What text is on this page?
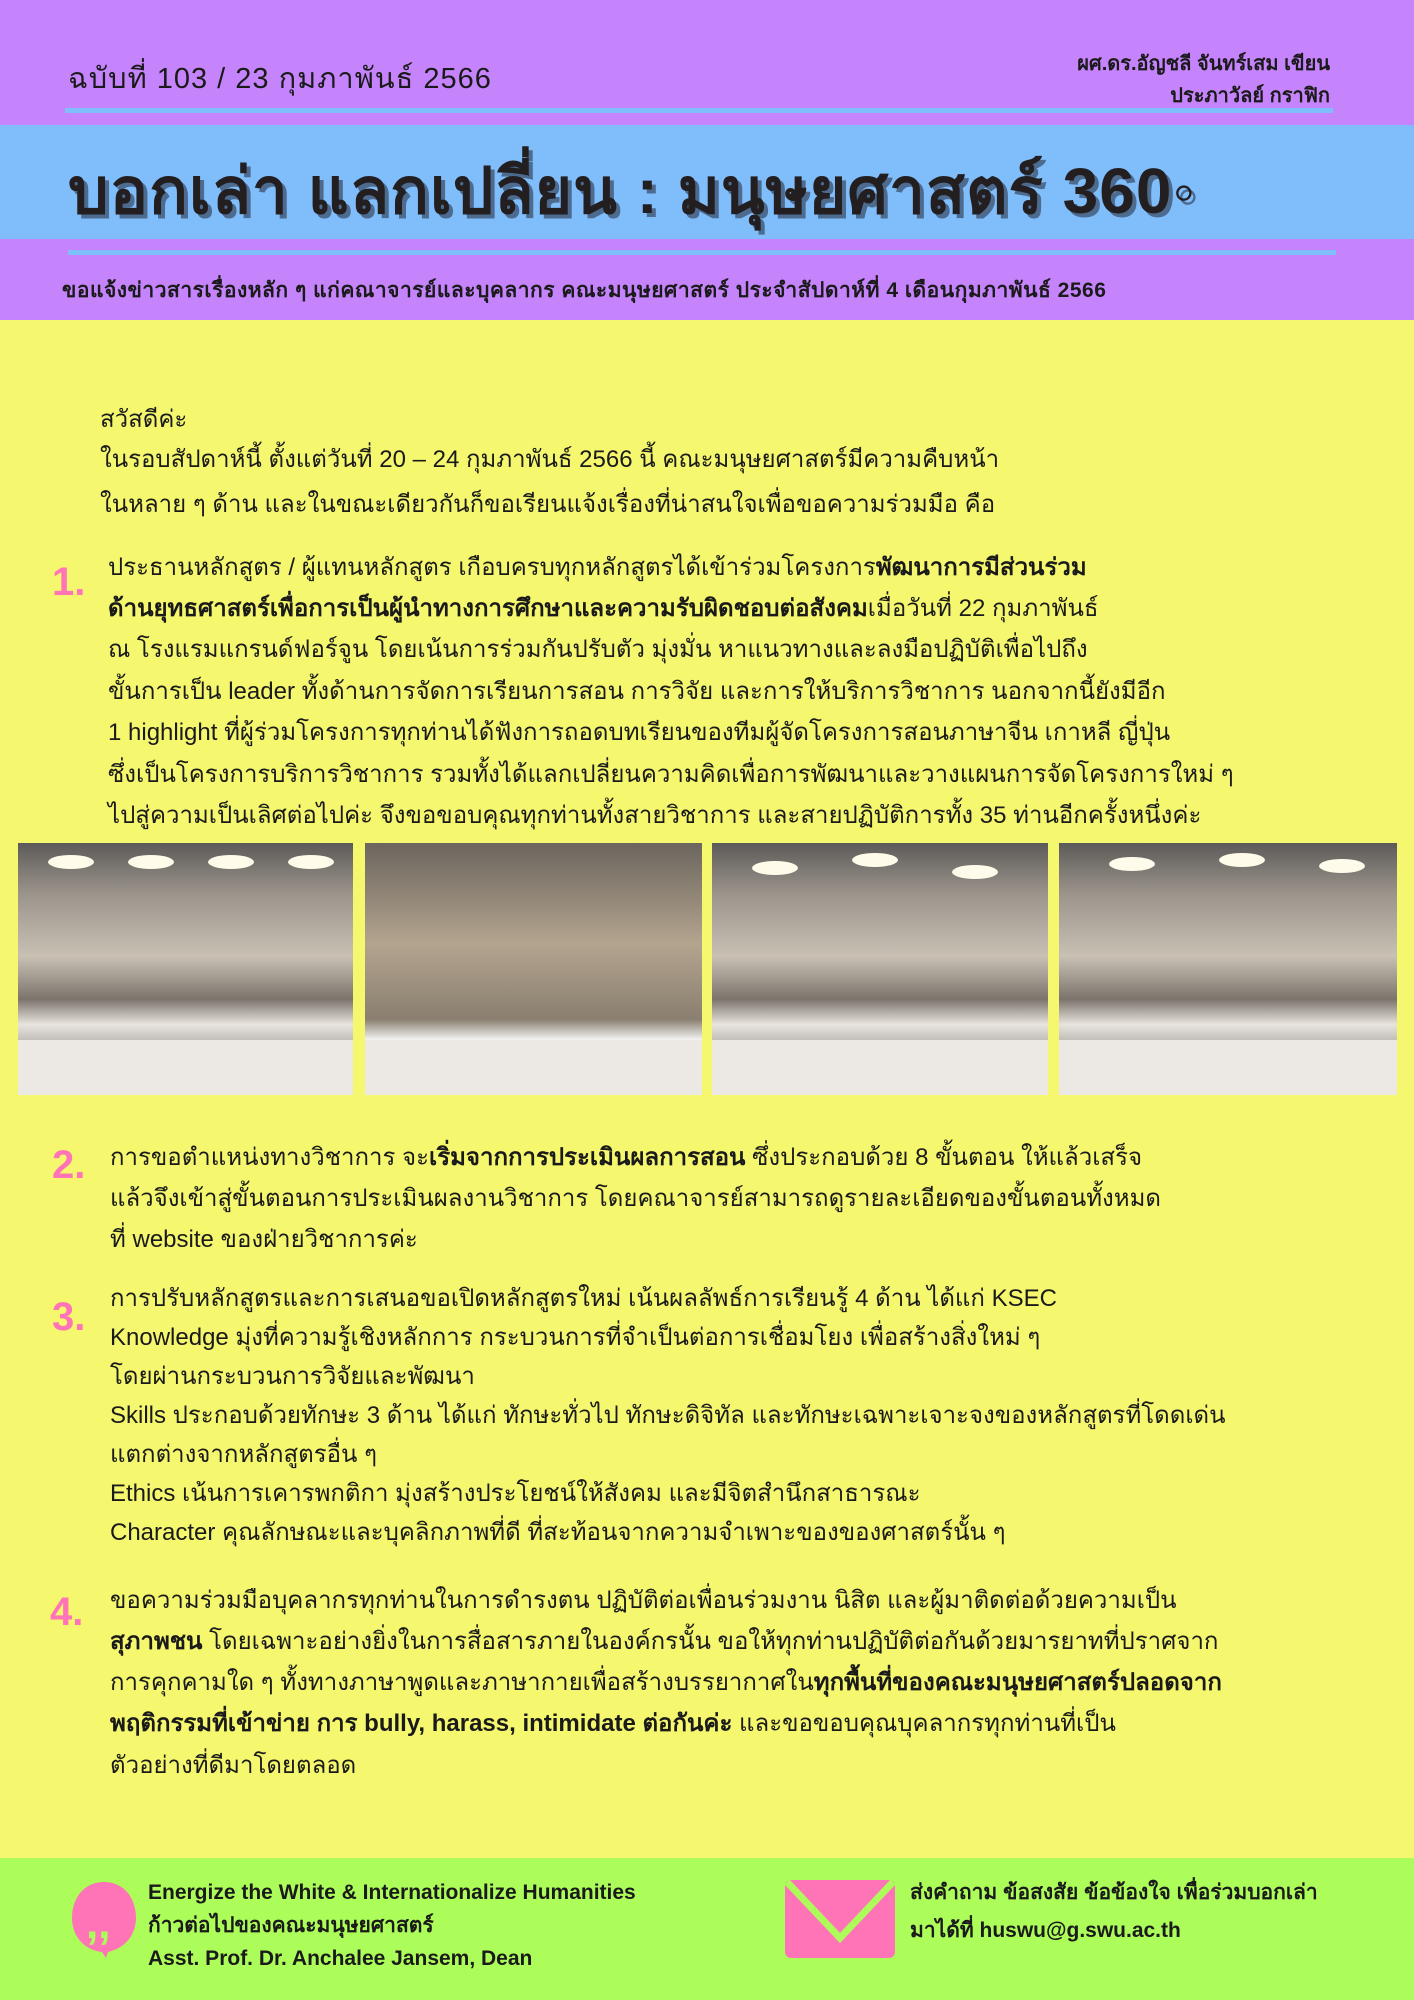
ฉบับที่ 103 / 23 กุมภาพันธ์ 2566	ผศ.ดร.อัญชลี จันทร์เสม เขียน
ประภาวัลย์ กราฟิก
บอกเล่า แลกเปลี่ยน : มนุษยศาสตร์ 360◦
ขอแจ้งข่าวสารเรื่องหลัก ๆ แก่คณาจารย์และบุคลากร คณะมนุษยศาสตร์ ประจำสัปดาห์ที่ 4 เดือนกุมภาพันธ์ 2566
สวัสดีค่ะ
ในรอบสัปดาห์นี้ ตั้งแต่วันที่ 20 – 24 กุมภาพันธ์ 2566 นี้ คณะมนุษยศาสตร์มีความคืบหน้า
ในหลาย ๆ ด้าน และในขณะเดียวกันก็ขอเรียนแจ้งเรื่องที่น่าสนใจเพื่อขอความร่วมมือ คือ
1. ประธานหลักสูตร / ผู้แทนหลักสูตร เกือบครบทุกหลักสูตรได้เข้าร่วมโครงการพัฒนาการมีส่วนร่วม
ด้านยุทธศาสตร์เพื่อการเป็นผู้นำทางการศึกษาและความรับผิดชอบต่อสังคมเมื่อวันที่ 22 กุมภาพันธ์
ณ โรงแรมแกรนด์ฟอร์จูน โดยเน้นการร่วมกันปรับตัว มุ่งมั่น หาแนวทางและลงมือปฏิบัติเพื่อไปถึง
ขั้นการเป็น leader ทั้งด้านการจัดการเรียนการสอน การวิจัย และการให้บริการวิชาการ นอกจากนี้ยังมีอีก
1 highlight ที่ผู้ร่วมโครงการทุกท่านได้ฟังการถอดบทเรียนของทีมผู้จัดโครงการสอนภาษาจีน เกาหลี ญี่ปุ่น
ซึ่งเป็นโครงการบริการวิชาการ รวมทั้งได้แลกเปลี่ยนความคิดเพื่อการพัฒนาและวางแผนการจัดโครงการใหม่ ๆ
ไปสู่ความเป็นเลิศต่อไปค่ะ จึงขอขอบคุณทุกท่านทั้งสายวิชาการ และสายปฏิบัติการทั้ง 35 ท่านอีกครั้งหนึ่งค่ะ
2. การขอตำแหน่งทางวิชาการ จะเริ่มจากการประเมินผลการสอน ซึ่งประกอบด้วย 8 ขั้นตอน ให้แล้วเสร็จ
แล้วจึงเข้าสู่ขั้นตอนการประเมินผลงานวิชาการ โดยคณาจารย์สามารถดูรายละเอียดของขั้นตอนทั้งหมด
ที่ website ของฝ่ายวิชาการค่ะ
3. การปรับหลักสูตรและการเสนอขอเปิดหลักสูตรใหม่ เน้นผลลัพธ์การเรียนรู้ 4 ด้าน ได้แก่ KSEC
Knowledge มุ่งที่ความรู้เชิงหลักการ กระบวนการที่จำเป็นต่อการเชื่อมโยง เพื่อสร้างสิ่งใหม่ ๆ
โดยผ่านกระบวนการวิจัยและพัฒนา
Skills ประกอบด้วยทักษะ 3 ด้าน ได้แก่ ทักษะทั่วไป ทักษะดิจิทัล และทักษะเฉพาะเจาะจงของหลักสูตรที่โดดเด่น
แตกต่างจากหลักสูตรอื่น ๆ
Ethics เน้นการเคารพกติกา มุ่งสร้างประโยชน์ให้สังคม และมีจิตสำนึกสาธารณะ
Character คุณลักษณะและบุคลิกภาพที่ดี ที่สะท้อนจากความจำเพาะของของศาสตร์นั้น ๆ
4. ขอความร่วมมือบุคลากรทุกท่านในการดำรงตน ปฏิบัติต่อเพื่อนร่วมงาน นิสิต และผู้มาติดต่อด้วยความเป็น
สุภาพชน โดยเฉพาะอย่างยิ่งในการสื่อสารภายในองค์กรนั้น ขอให้ทุกท่านปฏิบัติต่อกันด้วยมารยาทที่ปราศจาก
การคุกคามใด ๆ ทั้งทางภาษาพูดและภาษากายเพื่อสร้างบรรยากาศในทุกพื้นที่ของคณะมนุษยศาสตร์ปลอดจาก
พฤติกรรมที่เข้าข่าย การ bully, harass, intimidate ต่อกันค่ะ และขอขอบคุณบุคลากรทุกท่านที่เป็น
ตัวอย่างที่ดีมาโดยตลอด
,,
Energize the White & Internationalize Humanities
ก้าวต่อไปของคณะมนุษยศาสตร์
Asst. Prof. Dr. Anchalee Jansem, Dean
ส่งคำถาม ข้อสงสัย ข้อข้องใจ เพื่อร่วมบอกเล่า
มาได้ที่ huswu@g.swu.ac.th
